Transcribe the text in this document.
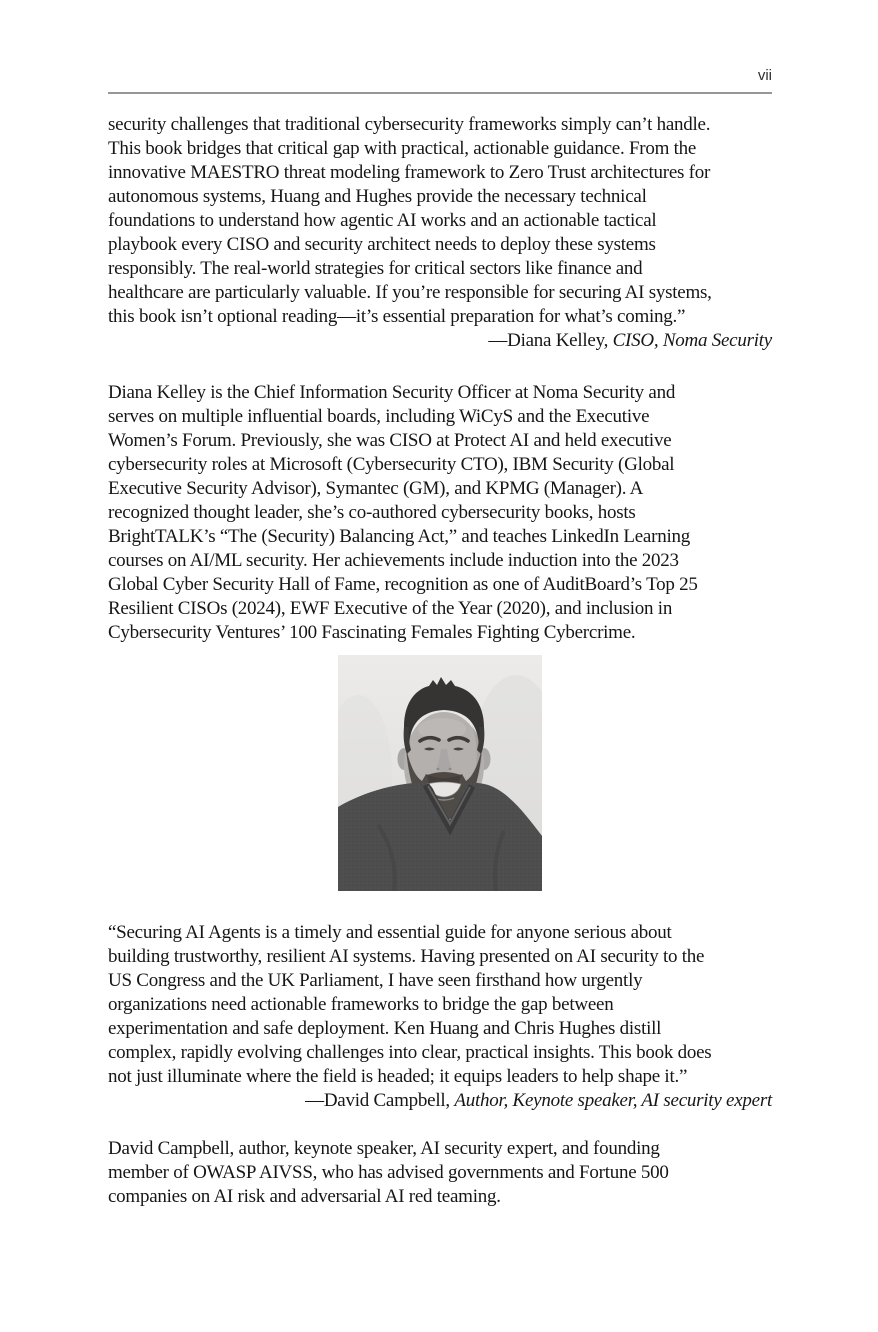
vii

security challenges that traditional cybersecurity frameworks simply can’t handle.
This book bridges that critical gap with practical, actionable guidance. From the
innovative MAESTRO threat modeling framework to Zero Trust architectures for
autonomous systems, Huang and Hughes provide the necessary technical
foundations to understand how agentic AI works and an actionable tactical
playbook every CISO and security architect needs to deploy these systems
responsibly. The real-world strategies for critical sectors like finance and
healthcare are particularly valuable. If you’re responsible for securing AI systems,
this book isn’t optional reading—it’s essential preparation for what’s coming.”

—Diana Kelley, CISO, Noma Security

Diana Kelley is the Chief Information Security Officer at Noma Security and
serves on multiple influential boards, including WiCyS and the Executive
Women’s Forum. Previously, she was CISO at Protect AI and held executive
cybersecurity roles at Microsoft (Cybersecurity CTO), IBM Security (Global
Executive Security Advisor), Symantec (GM), and KPMG (Manager). A
recognized thought leader, she’s co-authored cybersecurity books, hosts
BrightTALK’s “The (Security) Balancing Act,” and teaches LinkedIn Learning
courses on AI/ML security. Her achievements include induction into the 2023
Global Cyber Security Hall of Fame, recognition as one of AuditBoard’s Top 25
Resilient CISOs (2024), EWF Executive of the Year (2020), and inclusion in
Cybersecurity Ventures’ 100 Fascinating Females Fighting Cybercrime.

“Securing AI Agents is a timely and essential guide for anyone serious about
building trustworthy, resilient AI systems. Having presented on AI security to the
US Congress and the UK Parliament, I have seen firsthand how urgently
organizations need actionable frameworks to bridge the gap between
experimentation and safe deployment. Ken Huang and Chris Hughes distill
complex, rapidly evolving challenges into clear, practical insights. This book does
not just illuminate where the field is headed; it equips leaders to help shape it.”

—David Campbell, Author, Keynote speaker, AI security expert

David Campbell, author, keynote speaker, AI security expert, and founding
member of OWASP AIVSS, who has advised governments and Fortune 500
companies on AI risk and adversarial AI red teaming.
